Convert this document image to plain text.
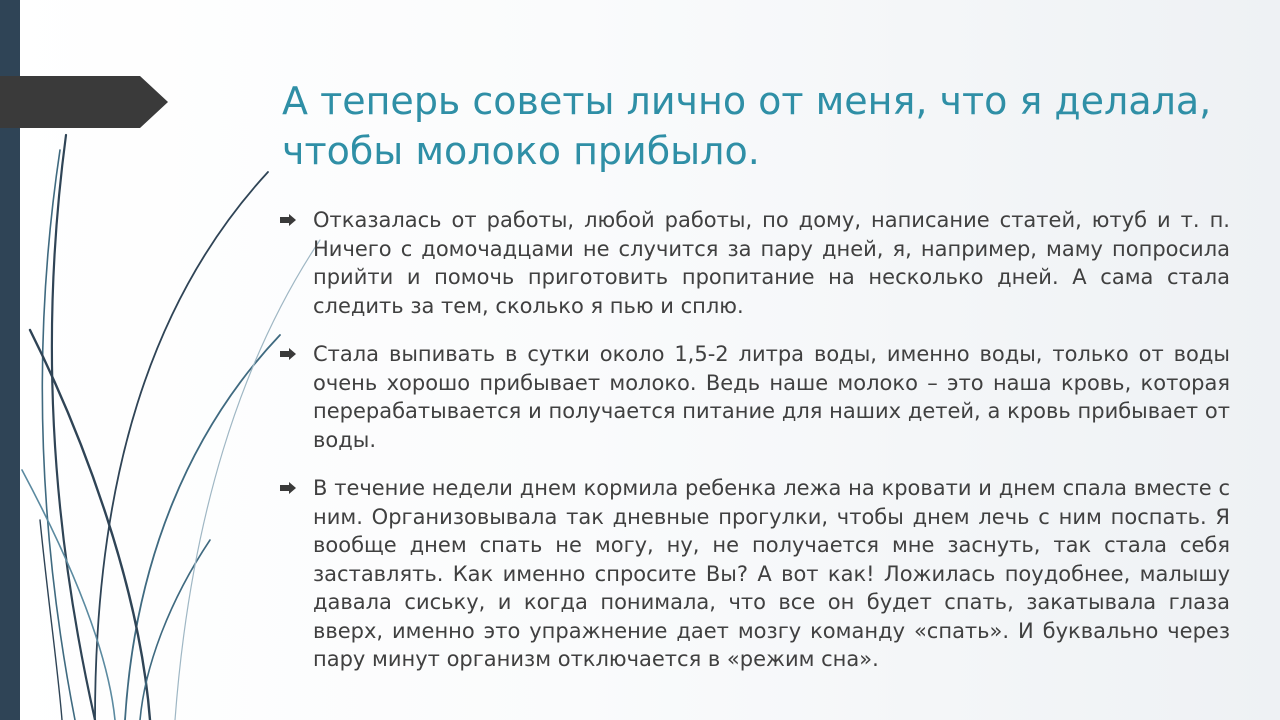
А теперь советы лично от меня, что я делала, чтобы молоко прибыло.
Отказалась от работы, любой работы, по дому, написание статей, ютуб и т. п. Ничего с домочадцами не случится за пару дней, я, например, маму попросила прийти и помочь приготовить пропитание на несколько дней. А сама стала следить за тем, сколько я пью и сплю.
Стала выпивать в сутки около 1,5-2 литра воды, именно воды, только от воды очень хорошо прибывает молоко. Ведь наше молоко – это наша кровь, которая перерабатывается и получается питание для наших детей, а кровь прибывает от воды.
В течение недели днем кормила ребенка лежа на кровати и днем спала вместе с ним. Организовывала так дневные прогулки, чтобы днем лечь с ним поспать. Я вообще днем спать не могу, ну, не получается мне заснуть, так стала себя заставлять. Как именно спросите Вы? А вот как! Ложилась поудобнее, малышу давала сиську, и когда понимала, что все он будет спать, закатывала глаза вверх, именно это упражнение дает мозгу команду «спать». И буквально через пару минут организм отключается в «режим сна».
